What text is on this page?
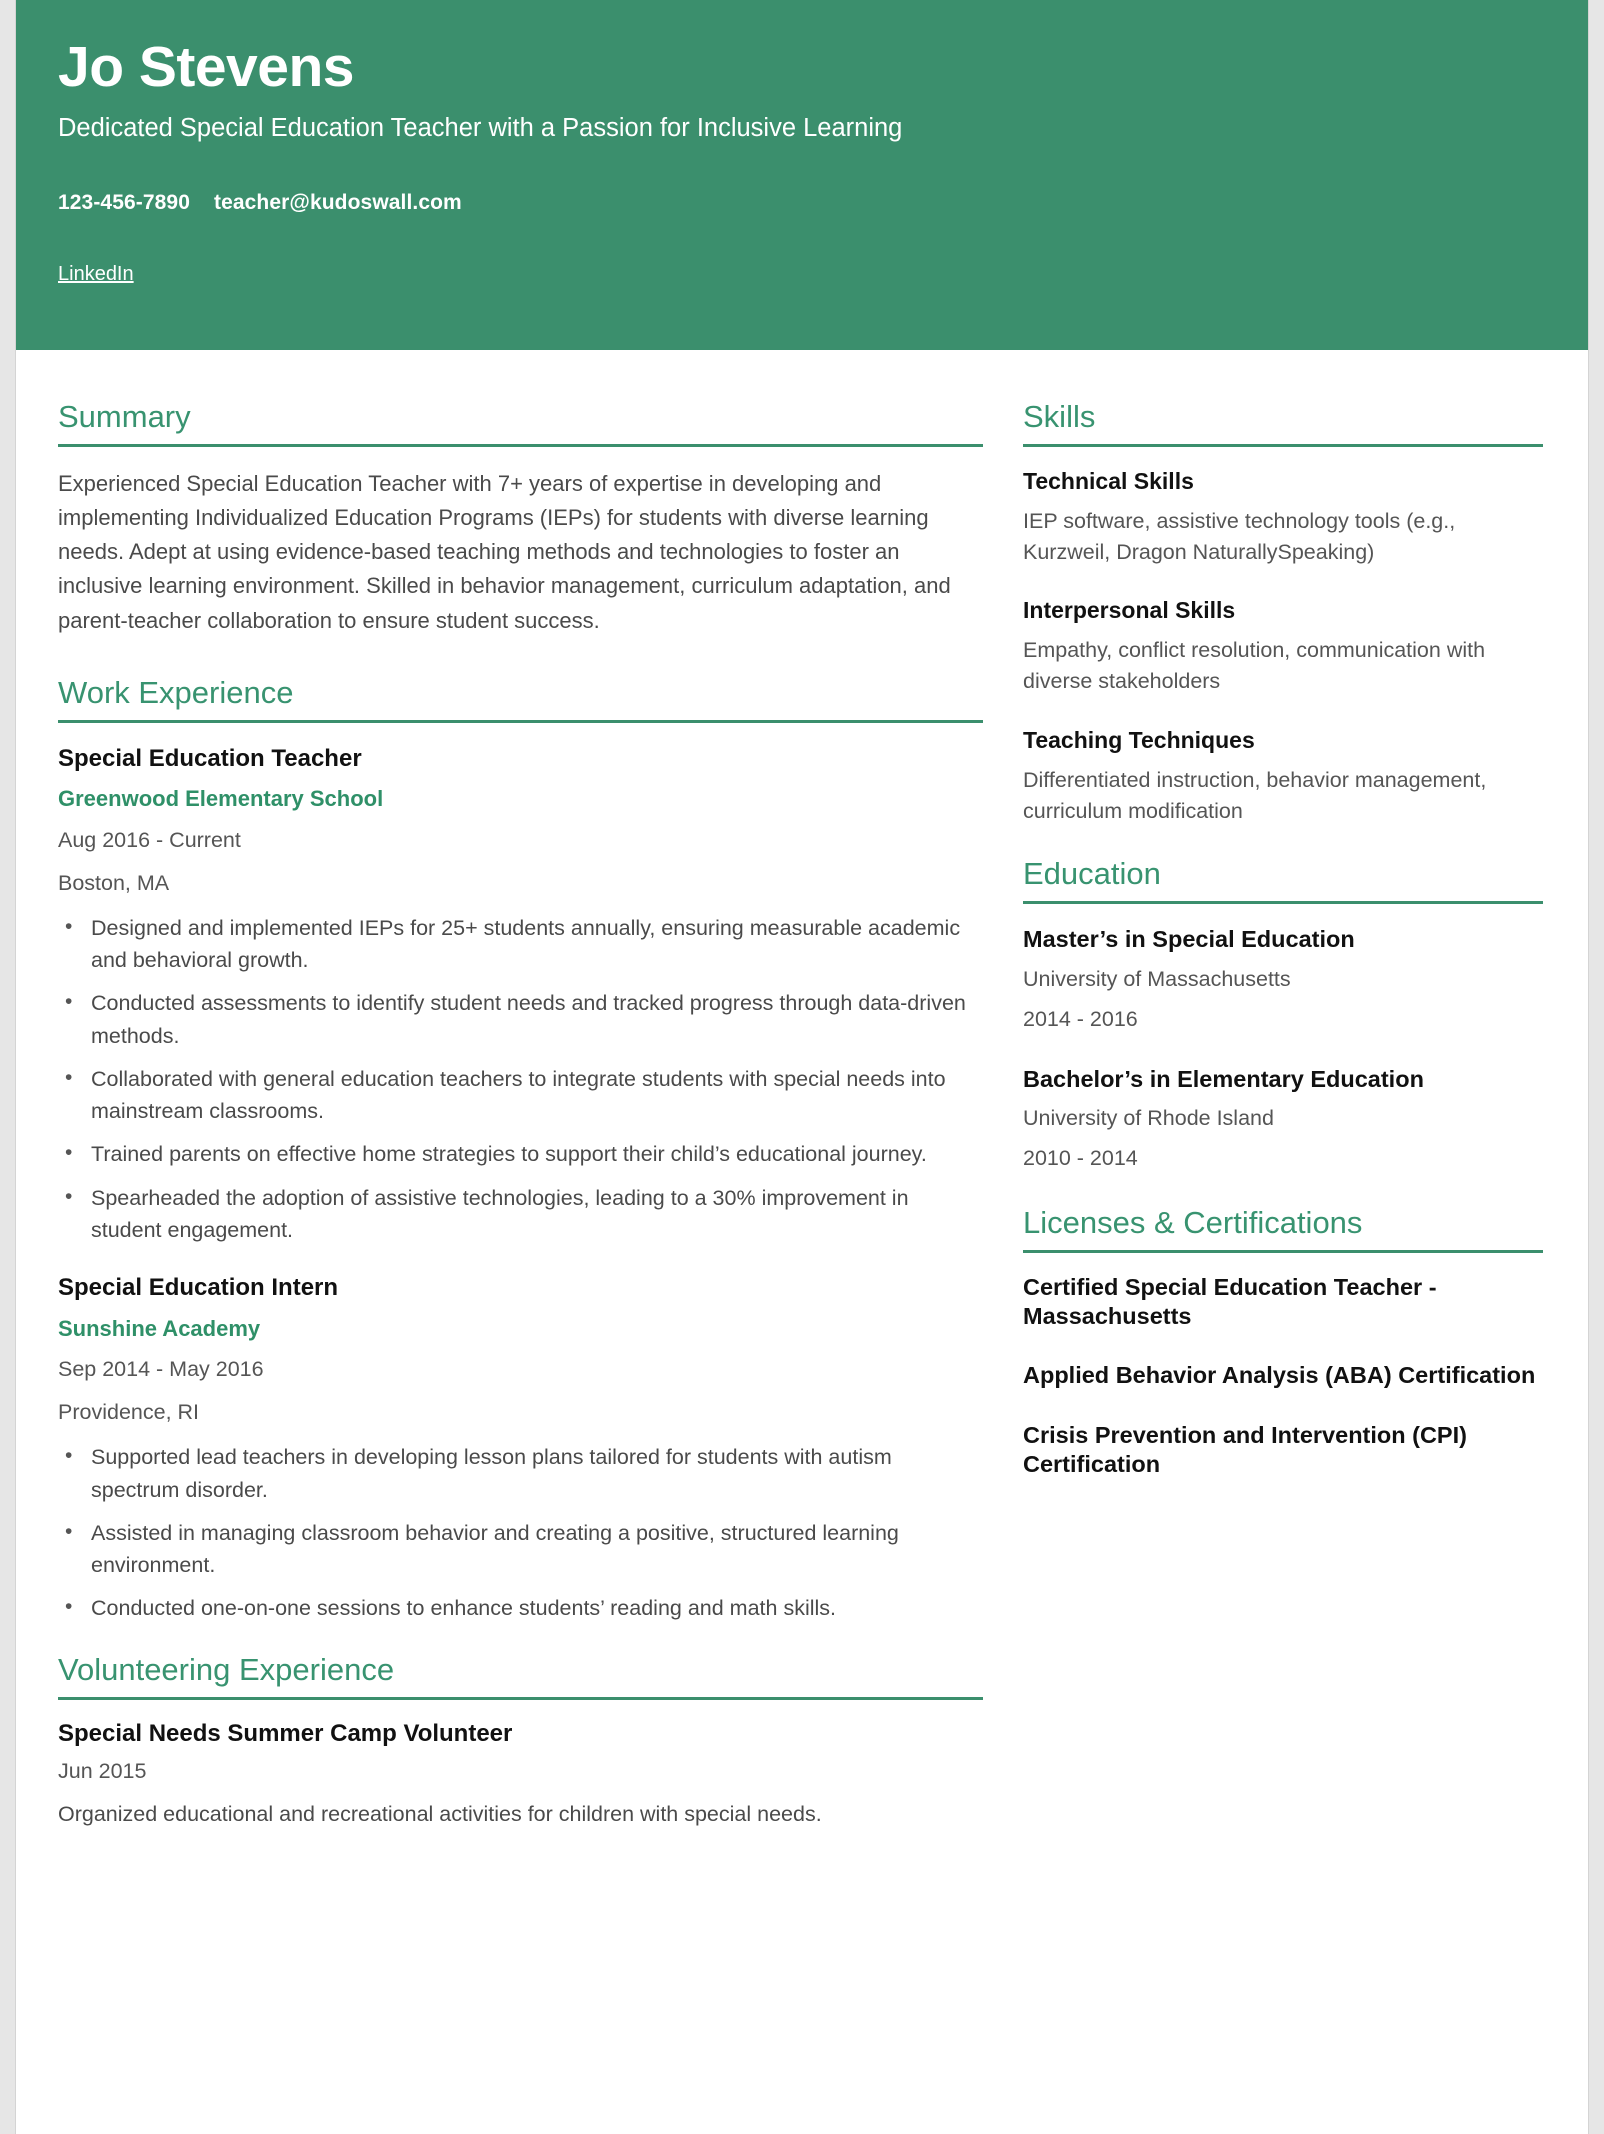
Jo Stevens
Dedicated Special Education Teacher with a Passion for Inclusive Learning
123-456-7890 teacher@kudoswall.com
LinkedIn
Summary

Experienced Special Education Teacher with 7+ years of expertise in developing and implementing Individualized Education Programs (IEPs) for students with diverse learning needs. Adept at using evidence-based teaching methods and technologies to foster an inclusive learning environment. Skilled in behavior management, curriculum adaptation, and parent-teacher collaboration to ensure student success.

Work Experience
Special Education Teacher
Greenwood Elementary School
Aug 2016 - Current
Boston, MA
• Designed and implemented IEPs for 25+ students annually, ensuring measurable academic and behavioral growth.
• Conducted assessments to identify student needs and tracked progress through data-driven methods.
• Collaborated with general education teachers to integrate students with special needs into mainstream classrooms.
• Trained parents on effective home strategies to support their child’s educational journey.
• Spearheaded the adoption of assistive technologies, leading to a 30% improvement in student engagement.
Special Education Intern
Sunshine Academy
Sep 2014 - May 2016
Providence, RI
• Supported lead teachers in developing lesson plans tailored for students with autism spectrum disorder.
• Assisted in managing classroom behavior and creating a positive, structured learning environment.
• Conducted one-on-one sessions to enhance students’ reading and math skills.
Volunteering Experience
Special Needs Summer Camp Volunteer
Jun 2015
Organized educational and recreational activities for children with special needs.
Skills
Technical Skills
IEP software, assistive technology tools (e.g., Kurzweil, Dragon NaturallySpeaking)
Interpersonal Skills
Empathy, conflict resolution, communication with diverse stakeholders
Teaching Techniques
Differentiated instruction, behavior management, curriculum modification
Education
Master’s in Special Education
University of Massachusetts
2014 - 2016
Bachelor’s in Elementary Education
University of Rhode Island
2010 - 2014
Licenses & Certifications
Certified Special Education Teacher - Massachusetts
Applied Behavior Analysis (ABA) Certification
Crisis Prevention and Intervention (CPI) Certification
